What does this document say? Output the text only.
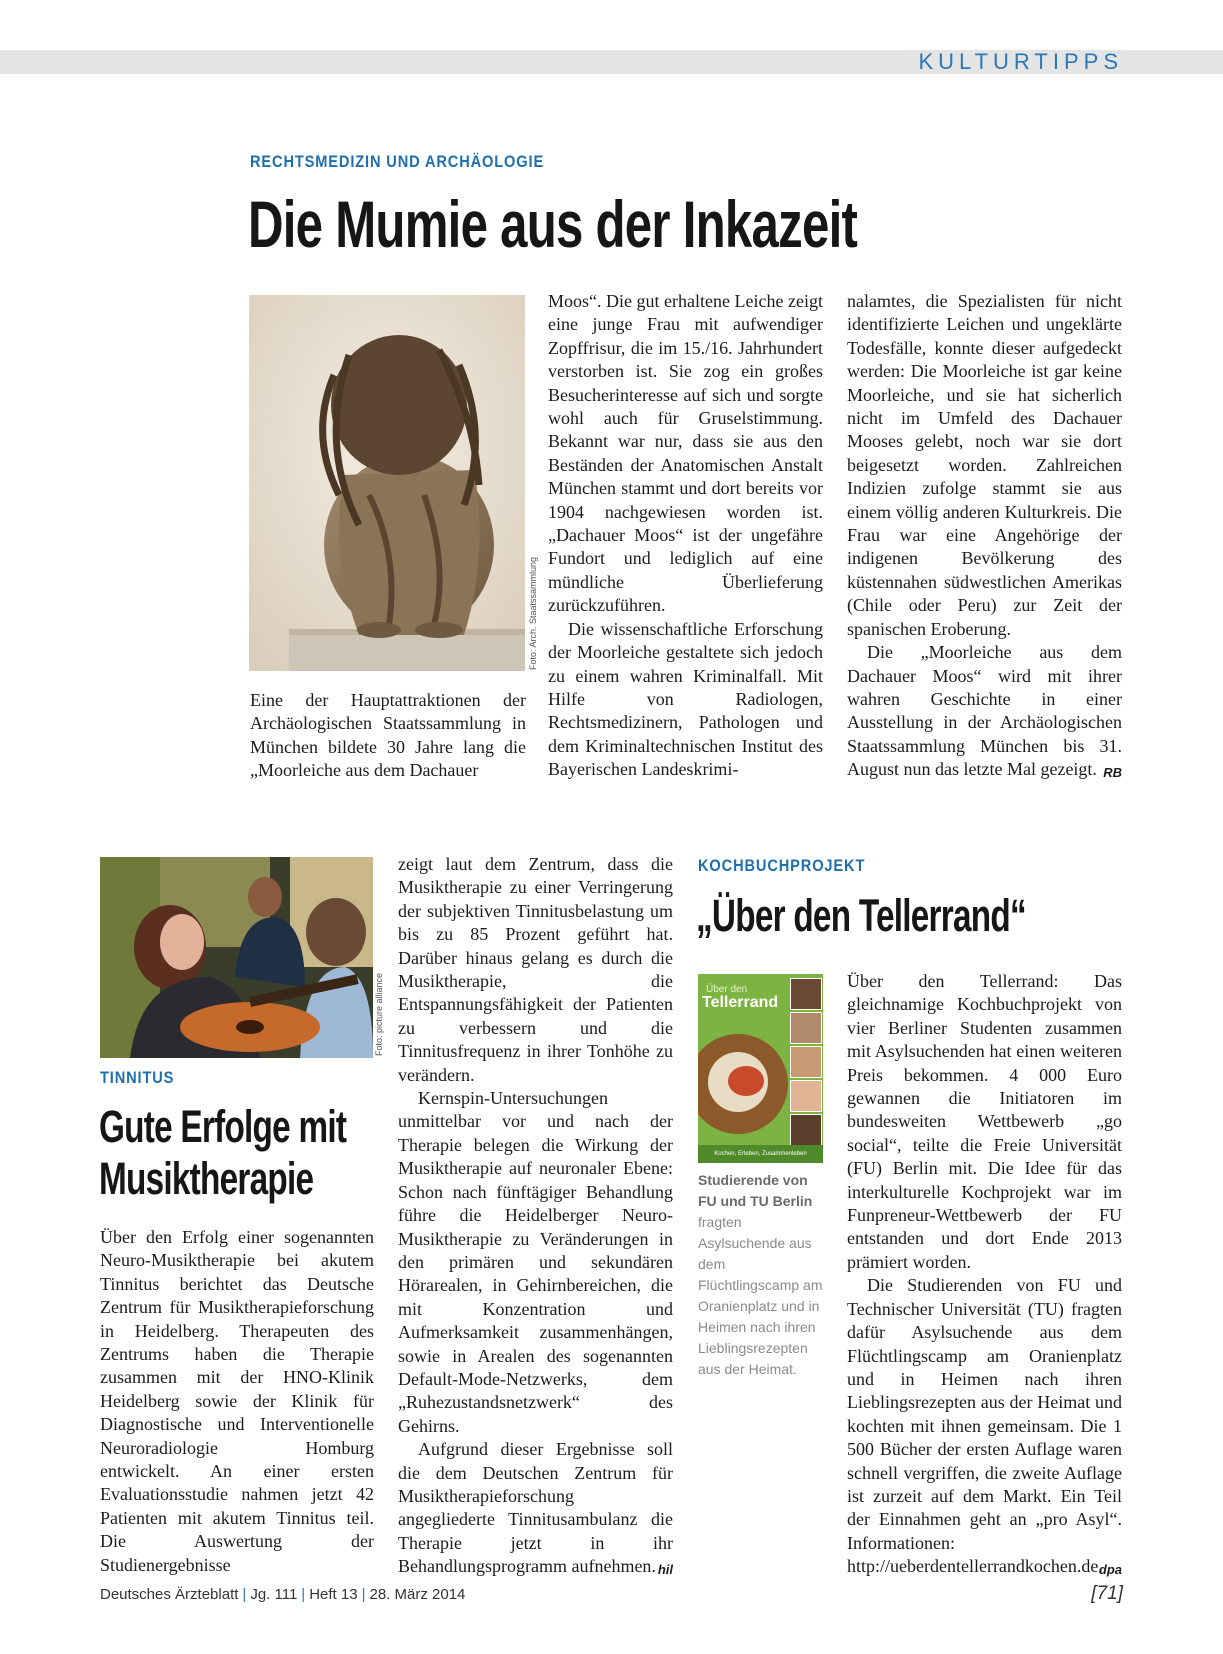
KULTURTIPPS
RECHTSMEDIZIN UND ARCHÄOLOGIE
Die Mumie aus der Inkazeit
Foto: Arch. Staatssammlung

Eine der Hauptattraktionen der Archäologischen Staatssammlung in München bildete 30 Jahre lang die „Moorleiche aus dem Dachauer

Moos“. Die gut erhaltene Leiche zeigt eine junge Frau mit aufwendiger Zopffrisur, die im 15./16. Jahrhundert verstorben ist. Sie zog ein großes Besucherinteresse auf sich und sorgte wohl auch für Gruselstimmung. Bekannt war nur, dass sie aus den Beständen der Anatomischen Anstalt München stammt und dort bereits vor 1904 nachgewiesen worden ist. „Dachauer Moos“ ist der ungefähre Fundort und lediglich auf eine mündliche Überlieferung zurückzuführen.

Die wissenschaftliche Erforschung der Moorleiche gestaltete sich jedoch zu einem wahren Kriminalfall. Mit Hilfe von Radiologen, Rechtsmedizinern, Pathologen und dem Kriminaltechnischen Institut des Bayerischen Landeskrimi-

nalamtes, die Spezialisten für nicht identifizierte Leichen und ungeklärte Todesfälle, konnte dieser aufgedeckt werden: Die Moorleiche ist gar keine Moorleiche, und sie hat sicherlich nicht im Umfeld des Dachauer Mooses gelebt, noch war sie dort beigesetzt worden. Zahlreichen Indizien zufolge stammt sie aus einem völlig anderen Kulturkreis. Die Frau war eine Angehörige der indigenen Bevölkerung des küstennahen südwestlichen Amerikas (Chile oder Peru) zur Zeit der spanischen Eroberung.

Die „Moorleiche aus dem Dachauer Moos“ wird mit ihrer wahren Geschichte in einer Ausstellung in der Archäologischen Staatssammlung München bis 31. August nun das letzte Mal gezeigt. RB
Foto: picture alliance
TINNITUS
Gute Erfolge mit
Musiktherapie

Über den Erfolg einer sogenannten Neuro-Musiktherapie bei akutem Tinnitus berichtet das Deutsche Zentrum für Musiktherapieforschung in Heidelberg. Therapeuten des Zentrums haben die Therapie zusammen mit der HNO-Klinik Heidelberg sowie der Klinik für Diagnostische und Interventionelle Neuroradiologie Homburg entwickelt. An einer ersten Evaluationsstudie nahmen jetzt 42 Patienten mit akutem Tinnitus teil. Die Auswertung der Studienergebnisse

zeigt laut dem Zentrum, dass die Musiktherapie zu einer Verringerung der subjektiven Tinnitusbelastung um bis zu 85 Prozent geführt hat. Darüber hinaus gelang es durch die Musiktherapie, die Entspannungsfähigkeit der Patienten zu verbessern und die Tinnitusfrequenz in ihrer Tonhöhe zu verändern.

Kernspin-Untersuchungen unmittelbar vor und nach der Therapie belegen die Wirkung der Musiktherapie auf neuronaler Ebene: Schon nach fünftägiger Behandlung führe die Heidelberger Neuro-Musiktherapie zu Veränderungen in den primären und sekundären Hörarealen, in Gehirnbereichen, die mit Konzentration und Aufmerksamkeit zusammenhängen, sowie in Arealen des sogenannten Default-Mode-Netzwerks, dem „Ruhezustandsnetzwerk“ des Gehirns.

Aufgrund dieser Ergebnisse soll die dem Deutschen Zentrum für Musiktherapieforschung angegliederte Tinnitusambulanz die Therapie jetzt in ihr Behandlungsprogramm aufnehmen. hil
KOCHBUCHPROJEKT
„Über den Tellerrand“
Über den
Tellerrand
Kochen, Erleben, Zusammenleben
Studierende von FU und TU Berlin
fragten Asylsuchende aus dem Flüchtlingscamp am Oranienplatz und in Heimen nach ihren Lieblingsrezepten aus der Heimat.

Über den Tellerrand: Das gleichnamige Kochbuchprojekt von vier Berliner Studenten zusammen mit Asylsuchenden hat einen weiteren Preis bekommen. 4 000 Euro gewannen die Initiatoren im bundesweiten Wettbewerb „go social“, teilte die Freie Universität (FU) Berlin mit. Die Idee für das interkulturelle Kochprojekt war im Funpreneur-Wettbewerb der FU entstanden und dort Ende 2013 prämiert worden.

Die Studierenden von FU und Technischer Universität (TU) fragten dafür Asylsuchende aus dem Flüchtlingscamp am Oranienplatz und in Heimen nach ihren Lieblingsrezepten aus der Heimat und kochten mit ihnen gemeinsam. Die 1 500 Bücher der ersten Auflage waren schnell vergriffen, die zweite Auflage ist zurzeit auf dem Markt. Ein Teil der Einnahmen geht an „pro Asyl“. Informationen: http://ueberdentellerrandkochen.de.

dpa
Deutsches Ärzteblatt | Jg. 111 | Heft 13 | 28. März 2014	[71]
